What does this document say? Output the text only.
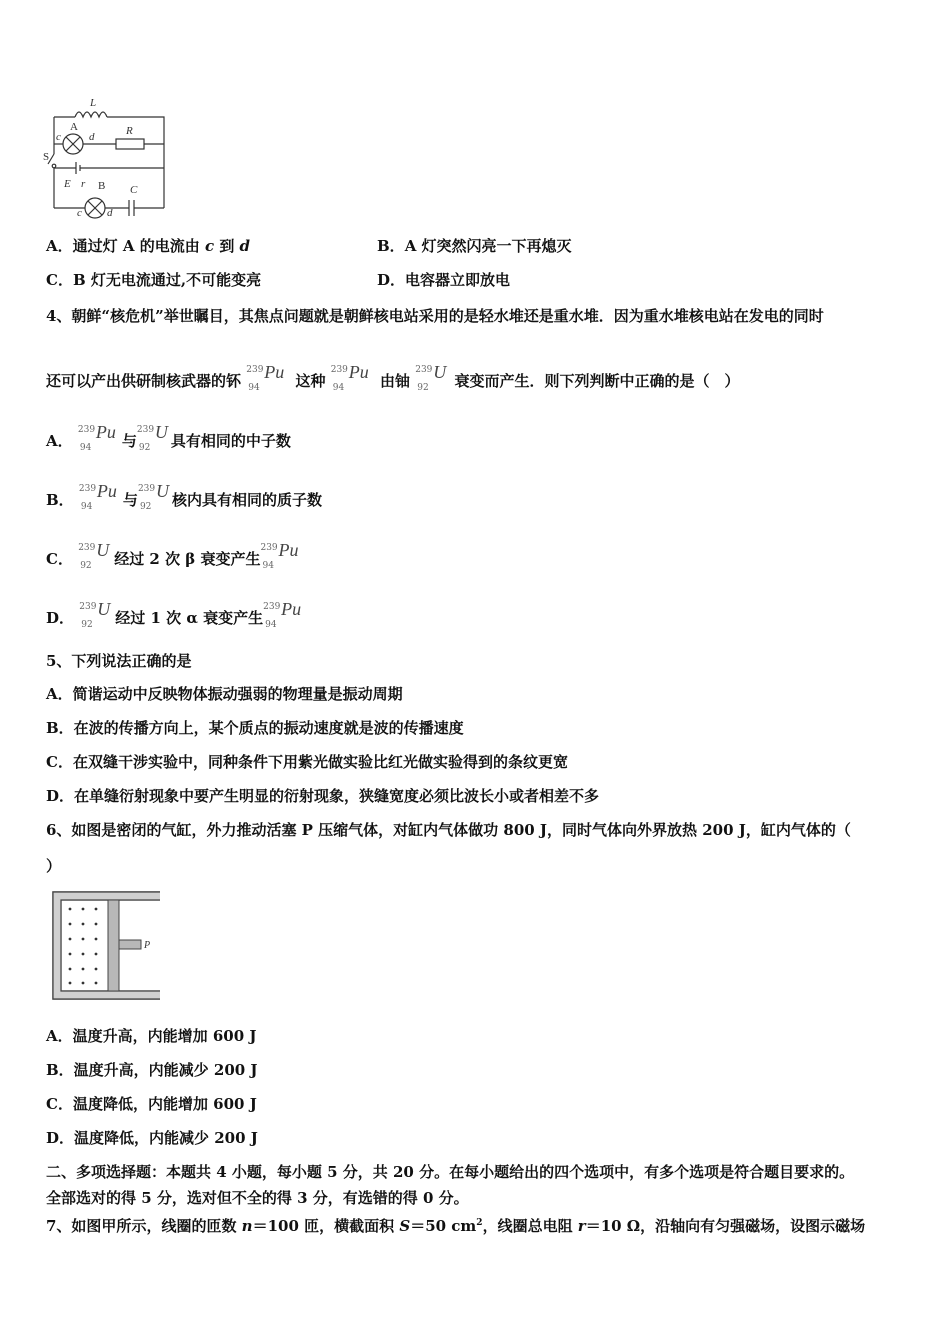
L
A
c	d	R
S
E r B C
c d
A．通过灯 A 的电流由 c 到 d	B．A 灯突然闪亮一下再熄灭
C．B 灯无电流通过,不可能变亮	D．电容器立即放电
4、朝鲜“核危机”举世瞩目，其焦点问题就是朝鲜核电站采用的是轻水堆还是重水堆．因为重水堆核电站在发电的同时
还可以产出供研制核武器的钚
239
94
Pu 这种
239
94
Pu 由铀
239
92
U 衰变而产生．则下列判断中正确的是（　）
A．
239
94
Pu 与
239
92
U 具有相同的中子数
B．
239
94
Pu 与
239
92
U 核内具有相同的质子数
C．
239
92
U 经过 2 次 β 衰变产生
239
94
Pu
D．
239
92
U 经过 1 次 α 衰变产生
239
94
Pu
5、下列说法正确的是
A．简谐运动中反映物体振动强弱的物理量是振动周期
B．在波的传播方向上，某个质点的振动速度就是波的传播速度
C．在双缝干涉实验中，同种条件下用紫光做实验比红光做实验得到的条纹更宽
D．在单缝衍射现象中要产生明显的衍射现象，狭缝宽度必须比波长小或者相差不多
6、如图是密闭的气缸，外力推动活塞 P 压缩气体，对缸内气体做功 800 J，同时气体向外界放热 200 J，缸内气体的（
）
P
A．温度升高，内能增加 600 J
B．温度升高，内能减少 200 J
C．温度降低，内能增加 600 J
D．温度降低，内能减少 200 J
二、多项选择题：本题共 4 小题，每小题 5 分，共 20 分。在每小题给出的四个选项中，有多个选项是符合题目要求的。
全部选对的得 5 分，选对但不全的得 3 分，有选错的得 0 分。
7、如图甲所示，线圈的匝数 n＝100 匝，横截面积 S＝50 $cm^2$，线圈总电阻 r＝10 Ω，沿轴向有匀强磁场，设图示磁场
